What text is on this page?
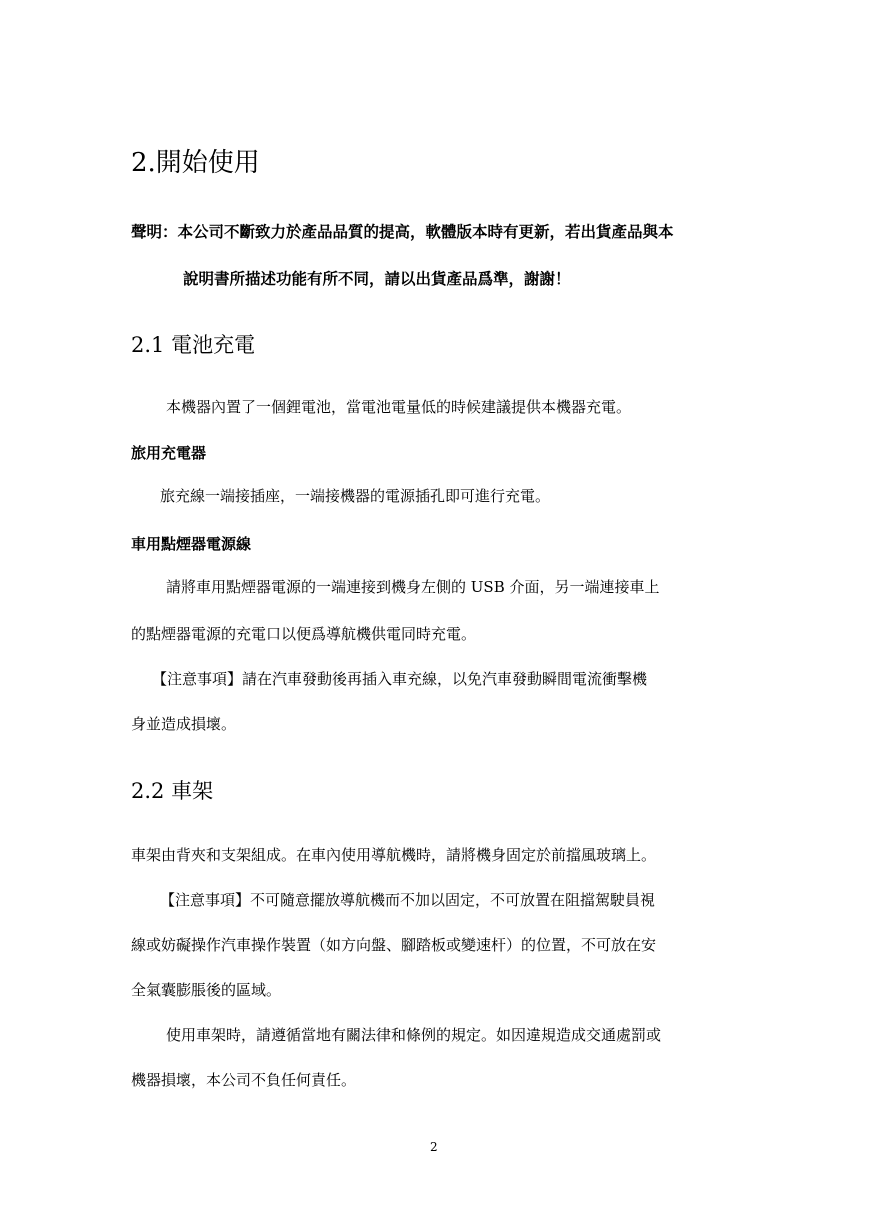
2.開始使用
聲明：本公司不斷致力於產品品質的提高，軟體版本時有更新，若出貨產品與本
說明書所描述功能有所不同，請以出貨產品爲準，謝謝！
2.1 電池充電
本機器內置了一個鋰電池，當電池電量低的時候建議提供本機器充電。
旅用充電器
旅充線一端接插座，一端接機器的電源插孔即可進行充電。
車用點煙器電源線
請將車用點煙器電源的一端連接到機身左側的 USB 介面，另一端連接車上
的點煙器電源的充電口以便爲導航機供電同時充電。
【注意事項】請在汽車發動後再插入車充線，以免汽車發動瞬間電流衝擊機
身並造成損壞。
2.2 車架
車架由背夾和支架組成。在車內使用導航機時，請將機身固定於前擋風玻璃上。
【注意事項】不可隨意擺放導航機而不加以固定，不可放置在阻擋駕駛員視
線或妨礙操作汽車操作裝置（如方向盤、腳踏板或變速杆）的位置，不可放在安
全氣囊膨脹後的區域。
使用車架時，請遵循當地有關法律和條例的規定。如因違規造成交通處罰或
機器損壞，本公司不負任何責任。
2
